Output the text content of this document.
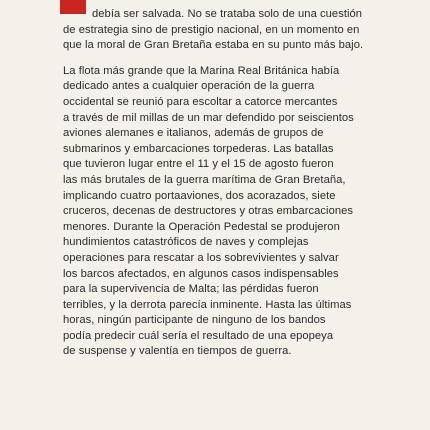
debía ser salvada. No se trataba solo de una cuestión
de estrategia sino de prestigio nacional, en un momento en
que la moral de Gran Bretaña estaba en su punto más bajo.
La flota más grande que la Marina Real Británica había
dedicado antes a cualquier operación de la guerra
occidental se reunió para escoltar a catorce mercantes
a través de mil millas de un mar defendido por seiscientos
aviones alemanes e italianos, además de grupos de
submarinos y embarcaciones torpederas. Las batallas
que tuvieron lugar entre el 11 y el 15 de agosto fueron
las más brutales de la guerra marítima de Gran Bretaña,
implicando cuatro portaaviones, dos acorazados, siete
cruceros, decenas de destructores y otras embarcaciones
menores. Durante la Operación Pedestal se produjeron
hundimientos catastróficos de naves y complejas
operaciones para rescatar a los sobrevivientes y salvar
los barcos afectados, en algunos casos indispensables
para la supervivencia de Malta; las pérdidas fueron
terribles, y la derrota parecía inminente. Hasta las últimas
horas, ningún participante de ninguno de los bandos
podía predecir cuál sería el resultado de una epopeya
de suspense y valentía en tiempos de guerra.
